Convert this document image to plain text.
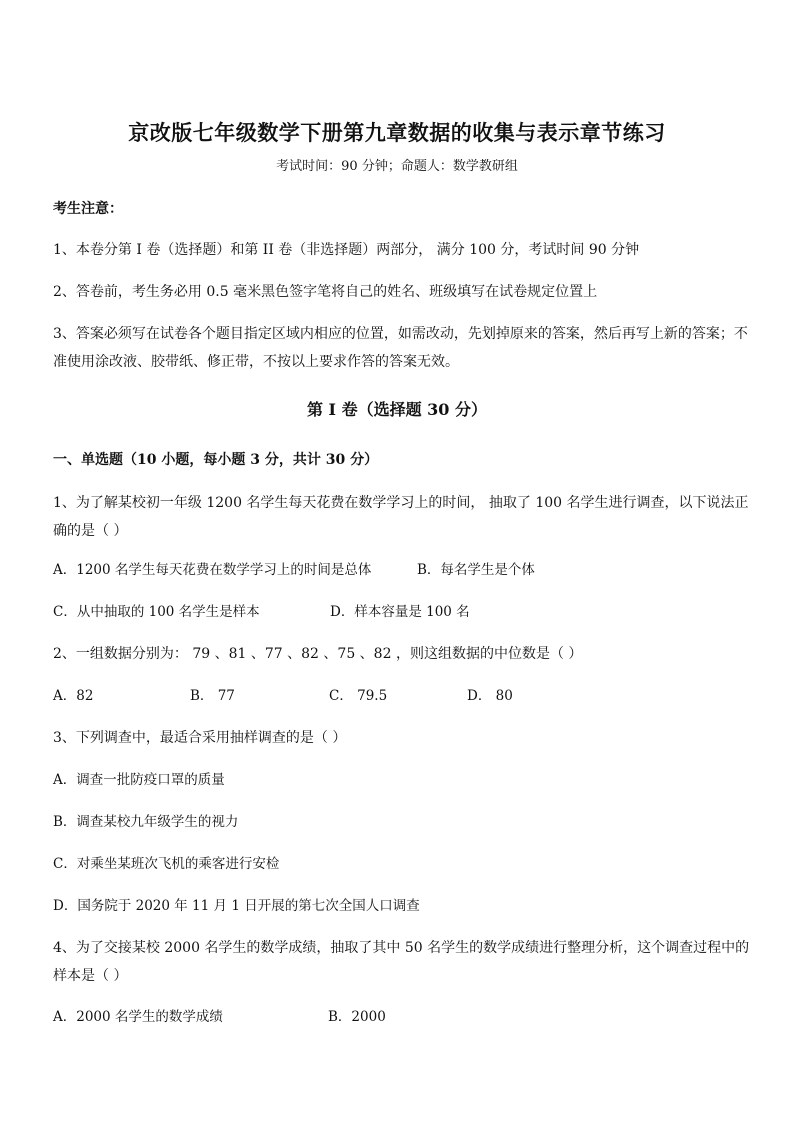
京改版七年级数学下册第九章数据的收集与表示章节练习
考试时间：90 分钟；命题人：数学教研组
考生注意：
1、本卷分第 I 卷（选择题）和第 II 卷（非选择题）两部分， 满分 100 分，考试时间 90 分钟
2、答卷前，考生务必用 0.5 毫米黑色签字笔将自己的姓名、班级填写在试卷规定位置上
3、答案必须写在试卷各个题目指定区域内相应的位置，如需改动，先划掉原来的答案，然后再写上新的答案；不准使用涂改液、胶带纸、修正带，不按以上要求作答的答案无效。
第 I 卷（选择题 30 分）
一、单选题（10 小题，每小题 3 分，共计 30 分）
1、为了解某校初一年级 1200 名学生每天花费在数学学习上的时间， 抽取了 100 名学生进行调查，以下说法正确的是（ ）
A．1200 名学生每天花费在数学学习上的时间是总体	B．每名学生是个体
C．从中抽取的 100 名学生是样本	D．样本容量是 100 名
2、一组数据分别为： 79 、81 、77 、82 、75 、82 ，则这组数据的中位数是（ ）
A．82	B． 77	C． 79.5	D． 80
3、下列调查中，最适合采用抽样调查的是（ ）
A．调查一批防疫口罩的质量
B．调查某校九年级学生的视力
C．对乘坐某班次飞机的乘客进行安检
D．国务院于 2020 年 11 月 1 日开展的第七次全国人口调查
4、为了交接某校 2000 名学生的数学成绩，抽取了其中 50 名学生的数学成绩进行整理分析，这个调查过程中的样本是（ ）
A．2000 名学生的数学成绩	B．2000
